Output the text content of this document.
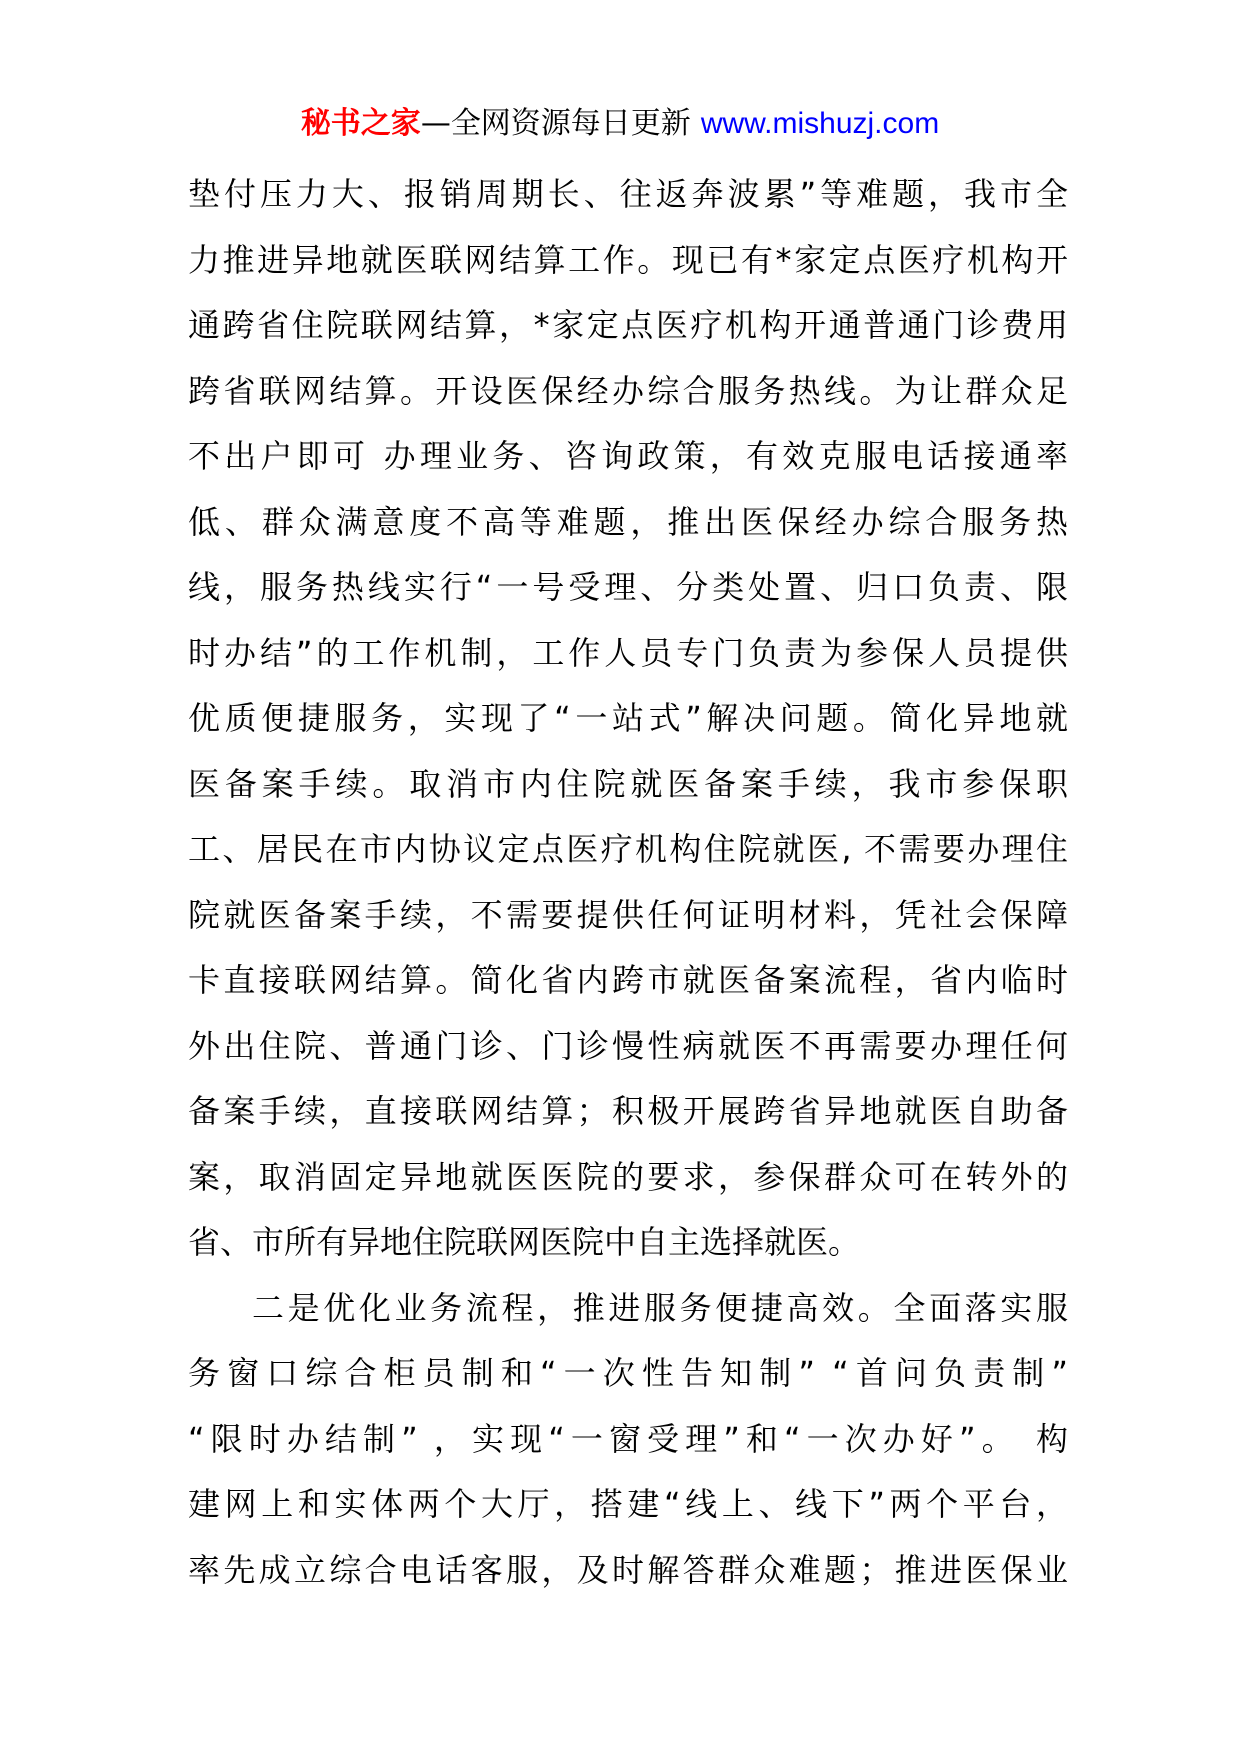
秘书之家—全网资源每日更新 www.mishuzj.com
垫付压力大、报销周期长、往返奔波累”等难题，我市全
力推进异地就医联网结算工作。现已有*家定点医疗机构开
通跨省住院联网结算，*家定点医疗机构开通普通门诊费用
跨省联网结算。开设医保经办综合服务热线。为让群众足
不出户即可 办理业务、咨询政策，有效克服电话接通率
低、群众满意度不高等难题，推出医保经办综合服务热
线，服务热线实行“一号受理、分类处置、归口负责、限
时办结”的工作机制，工作人员专门负责为参保人员提供
优质便捷服务，实现了“一站式”解决问题。简化异地就
医备案手续。取消市内住院就医备案手续，我市参保职
工、居民在市内协议定点医疗机构住院就医, 不需要办理住
院就医备案手续，不需要提供任何证明材料，凭社会保障
卡直接联网结算。简化省内跨市就医备案流程，省内临时
外出住院、普通门诊、门诊慢性病就医不再需要办理任何
备案手续，直接联网结算；积极开展跨省异地就医自助备
案，取消固定异地就医医院的要求，参保群众可在转外的
省、市所有异地住院联网医院中自主选择就医。
二是优化业务流程，推进服务便捷高效。全面落实服
务窗口综合柜员制和“一次性告知制” “首问负责制”
“限时办结制” ，实现“一窗受理”和“一次办好”。 构
建网上和实体两个大厅，搭建“线上、线下”两个平台，
率先成立综合电话客服，及时解答群众难题；推进医保业
